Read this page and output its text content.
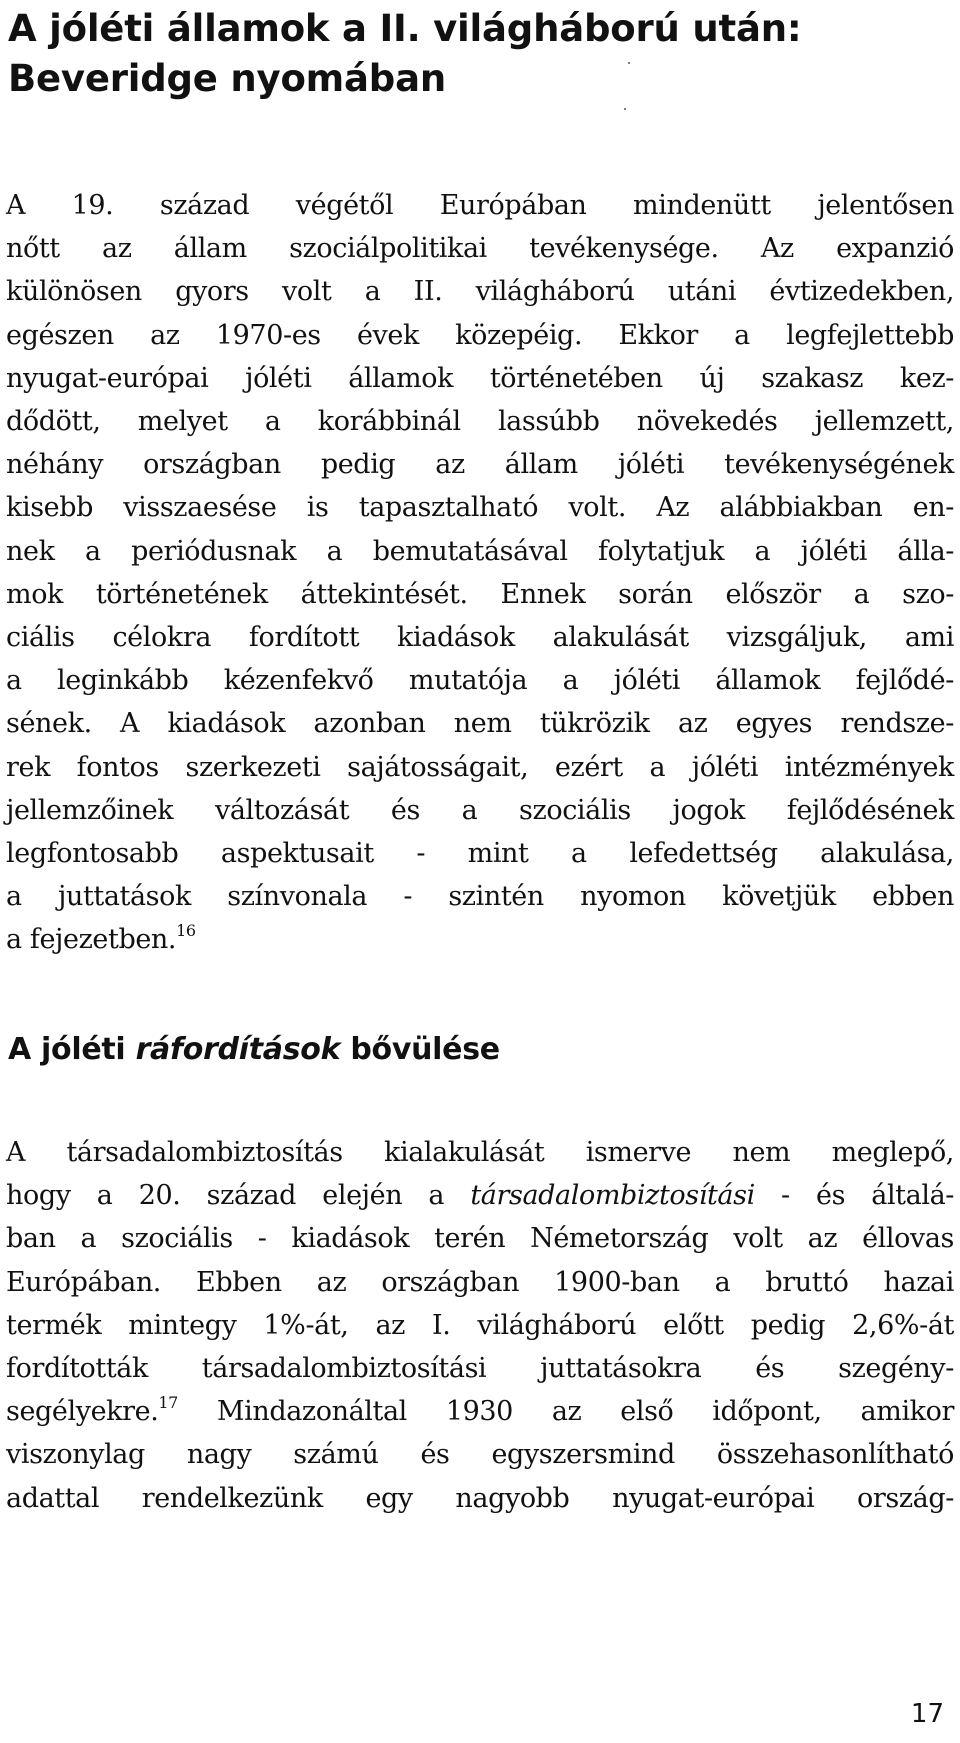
A jóléti államok a II. világháború után:
Beveridge nyomában

A 19. század végétől Európában mindenütt jelentősen
nőtt az állam szociálpolitikai tevékenysége. Az expanzió
különösen gyors volt a II. világháború utáni évtizedekben,
egészen az 1970-es évek közepéig. Ekkor a legfejlettebb
nyugat-európai jóléti államok történetében új szakasz kez-
dődött, melyet a korábbinál lassúbb növekedés jellemzett,
néhány országban pedig az állam jóléti tevékenységének
kisebb visszaesése is tapasztalható volt. Az alábbiakban en-
nek a periódusnak a bemutatásával folytatjuk a jóléti álla-
mok történetének áttekintését. Ennek során először a szo-
ciális célokra fordított kiadások alakulását vizsgáljuk, ami
a leginkább kézenfekvő mutatója a jóléti államok fejlődé-
sének. A kiadások azonban nem tükrözik az egyes rendsze-
rek fontos szerkezeti sajátosságait, ezért a jóléti intézmények
jellemzőinek változását és a szociális jogok fejlődésének
legfontosabb aspektusait - mint a lefedettség alakulása,
a juttatások színvonala - szintén nyomon követjük ebben
a fejezetben.$^{16}$

A jóléti ráfordítások bővülése

A társadalombiztosítás kialakulását ismerve nem meglepő,
hogy a 20. század elején a társadalombiztosítási - és általá-
ban a szociális - kiadások terén Németország volt az éllovas
Európában. Ebben az országban 1900-ban a bruttó hazai
termék mintegy 1%-át, az I. világháború előtt pedig 2,6%-át
fordították társadalombiztosítási juttatásokra és szegény-
segélyekre.$^{17}$ Mindazonáltal 1930 az első időpont, amikor
viszonylag nagy számú és egyszersmind összehasonlítható
adattal rendelkezünk egy nagyobb nyugat-európai ország-

17
